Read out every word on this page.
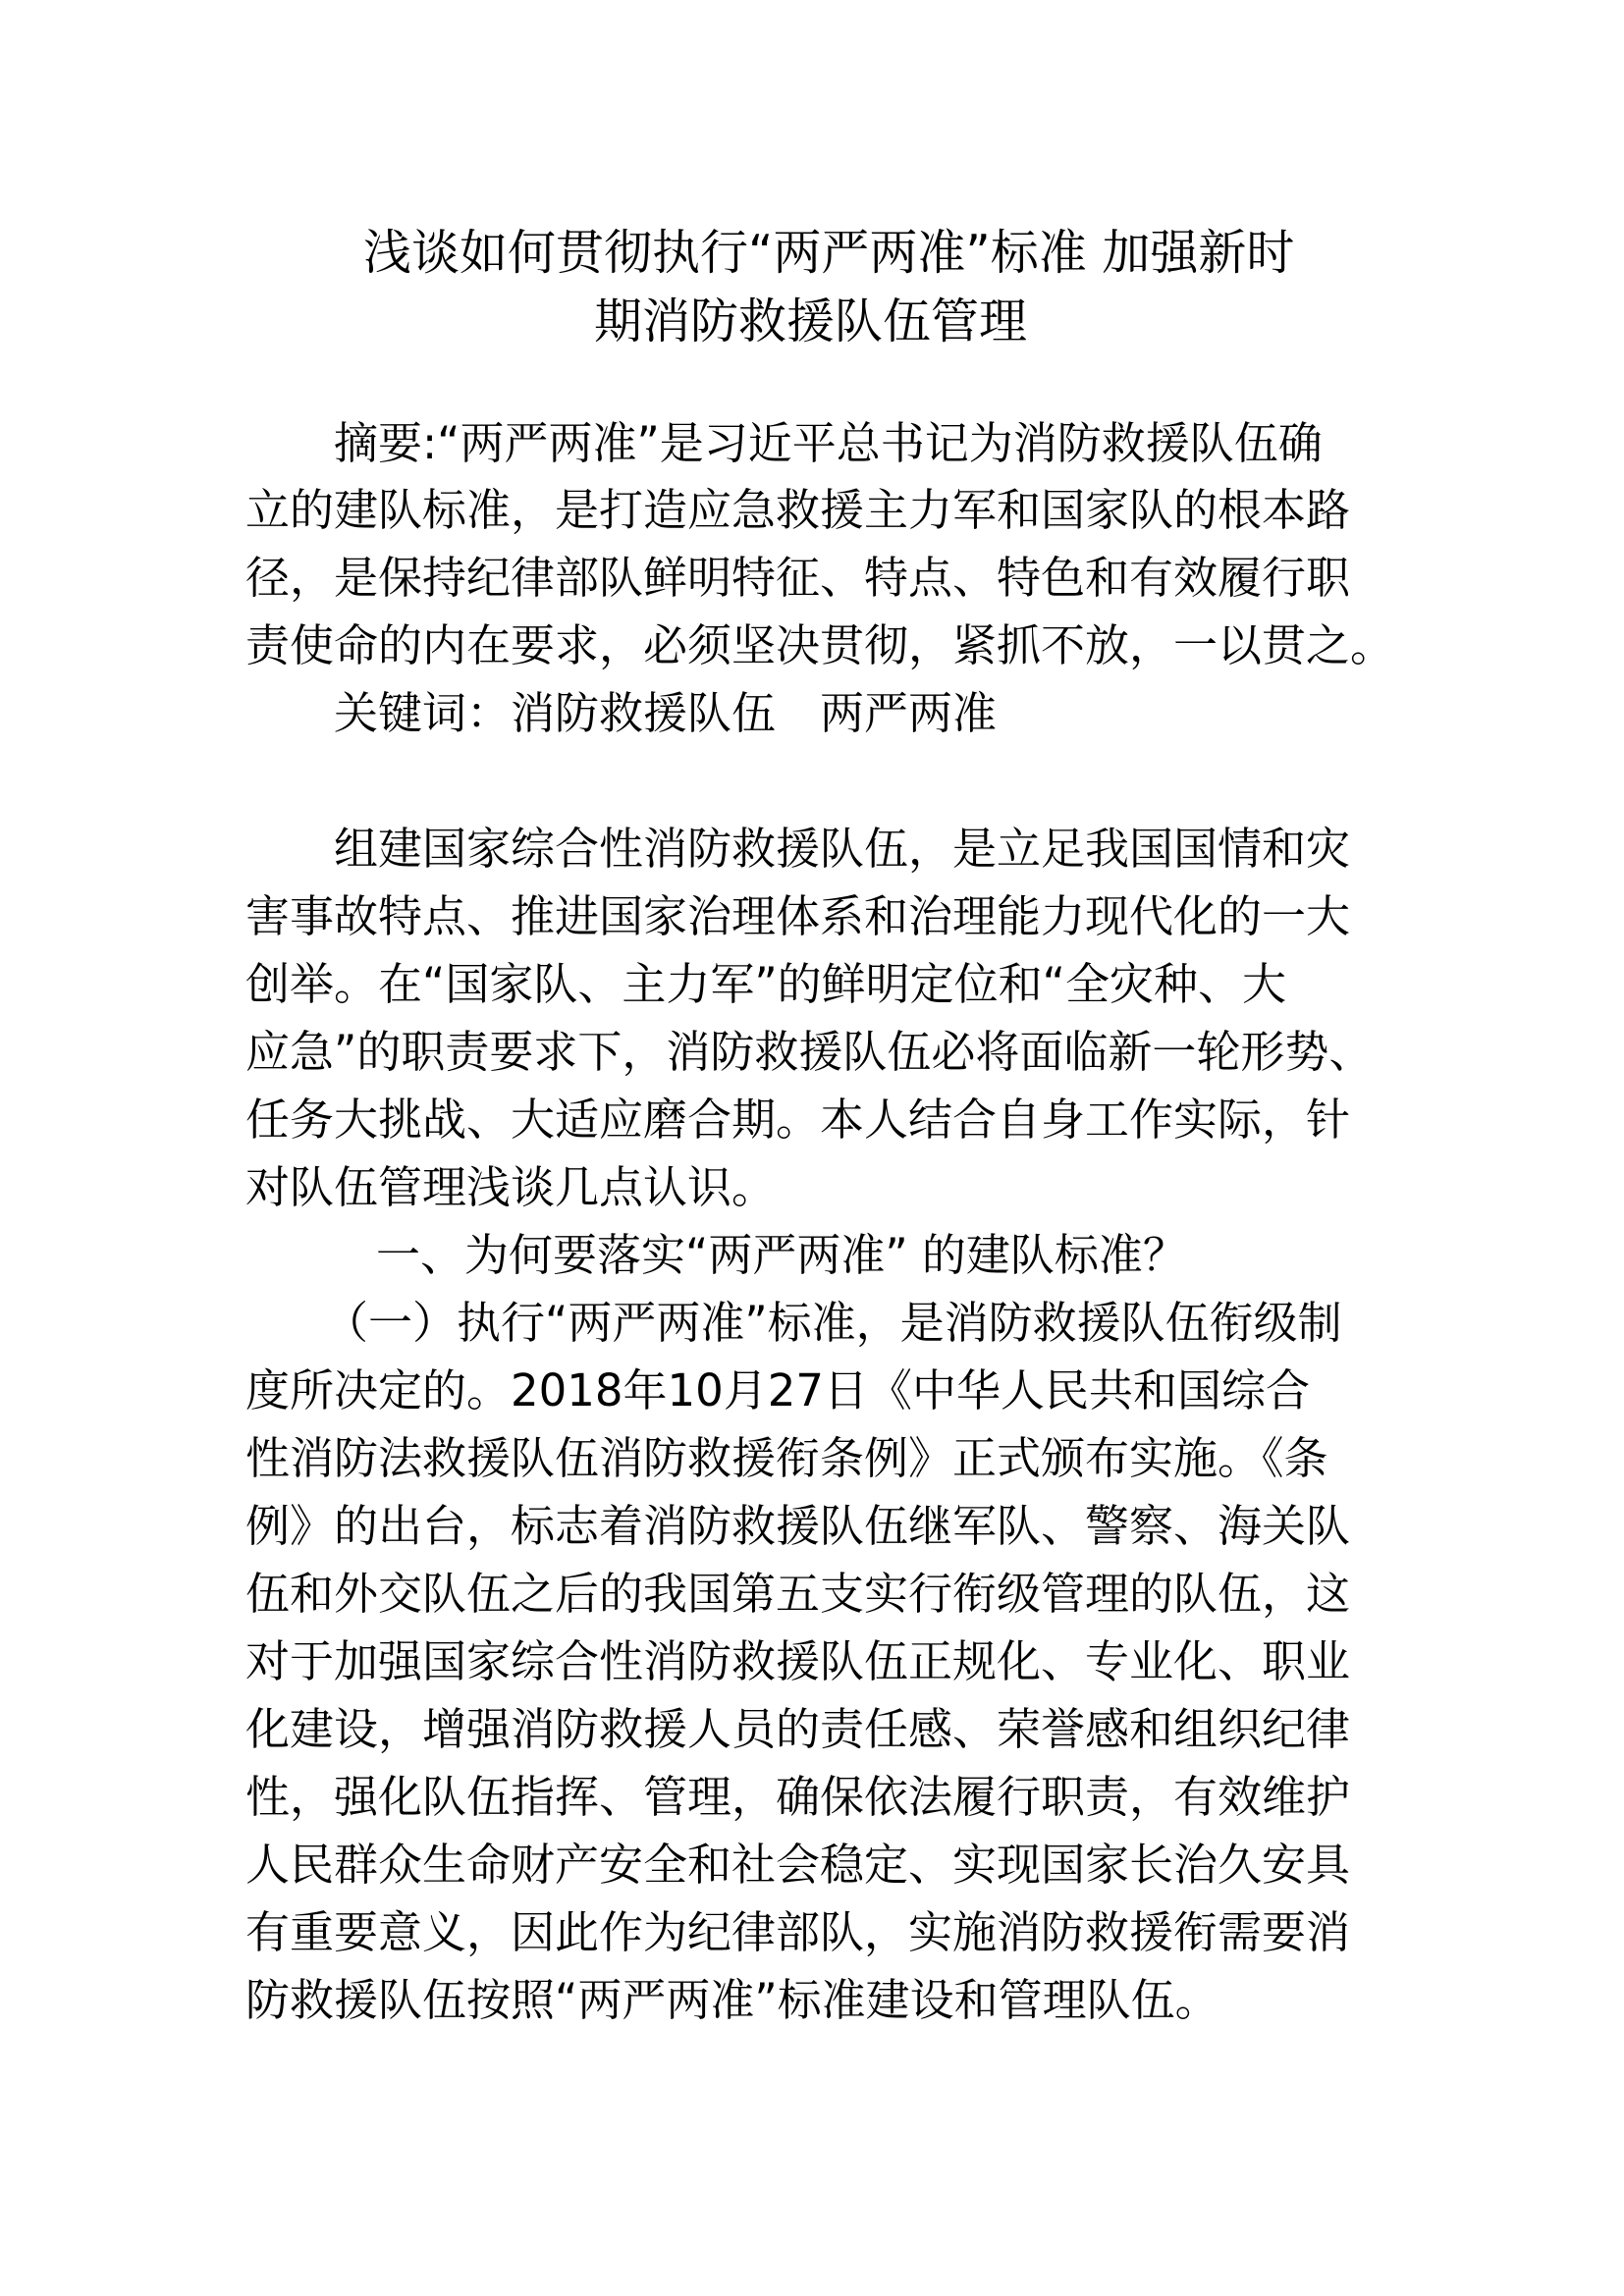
浅谈如何贯彻执行“两严两准”标准 加强新时
期消防救援队伍管理
摘要:“两严两准”是习近平总书记为消防救援队伍确
立的建队标准，是打造应急救援主力军和国家队的根本路
径，是保持纪律部队鲜明特征、特点、特色和有效履行职
责使命的内在要求，必须坚决贯彻，紧抓不放，一以贯之。
关键词：消防救援队伍　两严两准
组建国家综合性消防救援队伍，是立足我国国情和灾
害事故特点、推进国家治理体系和治理能力现代化的一大
创举。在“国家队、主力军”的鲜明定位和“全灾种、大
应急”的职责要求下，消防救援队伍必将面临新一轮形势、
任务大挑战、大适应磨合期。本人结合自身工作实际，针
对队伍管理浅谈几点认识。
一、为何要落实“两严两准” 的建队标准？
（一）执行“两严两准”标准，是消防救援队伍衔级制
度所决定的。2018年10月27日《中华人民共和国综合
性消防法救援队伍消防救援衔条例》正式颁布实施。《条
例》的出台，标志着消防救援队伍继军队、警察、海关队
伍和外交队伍之后的我国第五支实行衔级管理的队伍，这
对于加强国家综合性消防救援队伍正规化、专业化、职业
化建设，增强消防救援人员的责任感、荣誉感和组织纪律
性，强化队伍指挥、管理，确保依法履行职责，有效维护
人民群众生命财产安全和社会稳定、实现国家长治久安具
有重要意义，因此作为纪律部队，实施消防救援衔需要消
防救援队伍按照“两严两准”标准建设和管理队伍。
